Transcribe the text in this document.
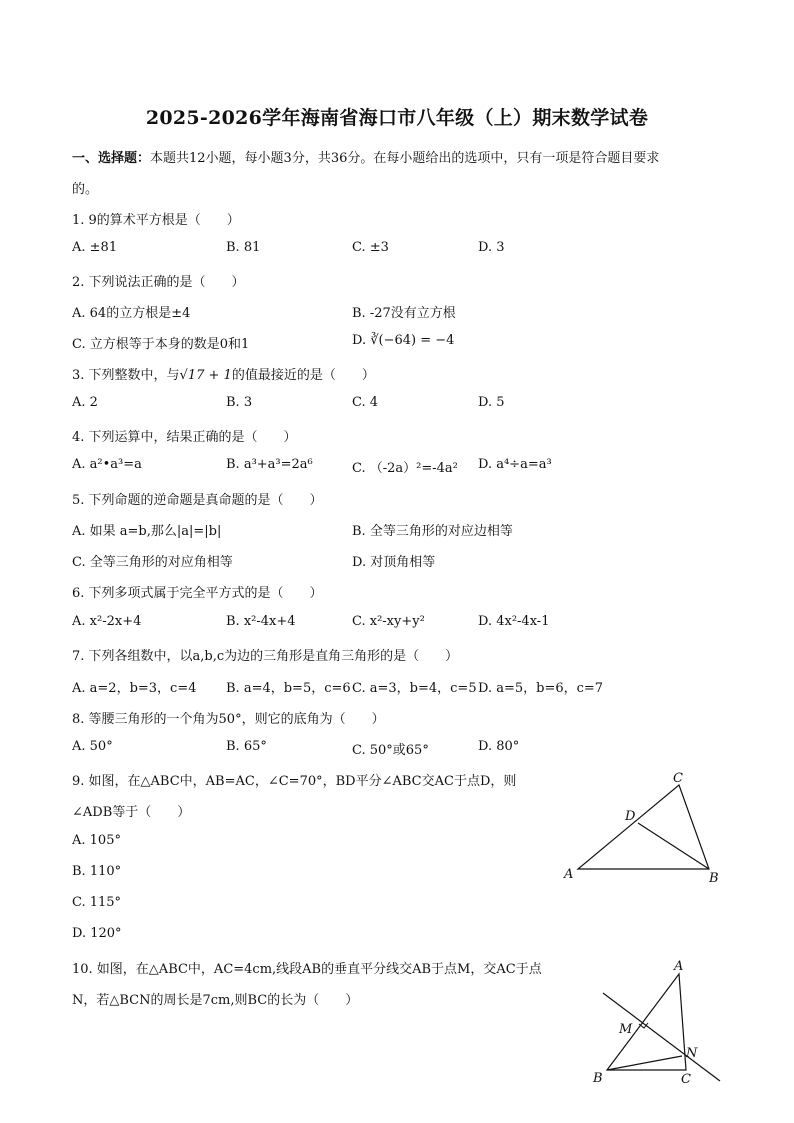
2025-2026学年海南省海口市八年级（上）期末数学试卷
一、选择题：本题共12小题，每小题3分，共36分。在每小题给出的选项中，只有一项是符合题目要求
的。
1. 9的算术平方根是（　　）
A. ±81	B. 81	C. ±3	D. 3
2. 下列说法正确的是（　　）
A. 64的立方根是±4	B. -27没有立方根
C. 立方根等于本身的数是0和1	D. ∛(−64) = −4
3. 下列整数中，与√17 + 1的值最接近的是（　　）
A. 2	B. 3	C. 4	D. 5
4. 下列运算中，结果正确的是（　　）
A. a²•a³=a	B. a³+a³=2a⁶	C. （-2a）²=-4a² D. a⁴÷a=a³
5. 下列命题的逆命题是真命题的是（　　）
A. 如果 a=b,那么|a|=|b|	B. 全等三角形的对应边相等
C. 全等三角形的对应角相等	D. 对顶角相等
6. 下列多项式属于完全平方式的是（　　）
A. x²-2x+4	B. x²-4x+4	C. x²-xy+y²	D. 4x²-4x-1
7. 下列各组数中，以a,b,c为边的三角形是直角三角形的是（　　）
A. a=2，b=3，c=4 B. a=4，b=5，c=6 C. a=3，b=4，c=5 D. a=5，b=6，c=7
8. 等腰三角形的一个角为50°，则它的底角为（　　）
A. 50°	B. 65°	C. 50°或65°	D. 80°
9. 如图，在△ABC中，AB=AC，∠C=70°，BD平分∠ABC交AC于点D，则
∠ADB等于（　　）
A. 105°
B. 110°
C. 115°
D. 120°
A	B
C
D
10. 如图，在△ABC中，AC=4cm,线段AB的垂直平分线交AB于点M，交AC于点
N，若△BCN的周长是7cm,则BC的长为（　　）
A
B	C
M
N
